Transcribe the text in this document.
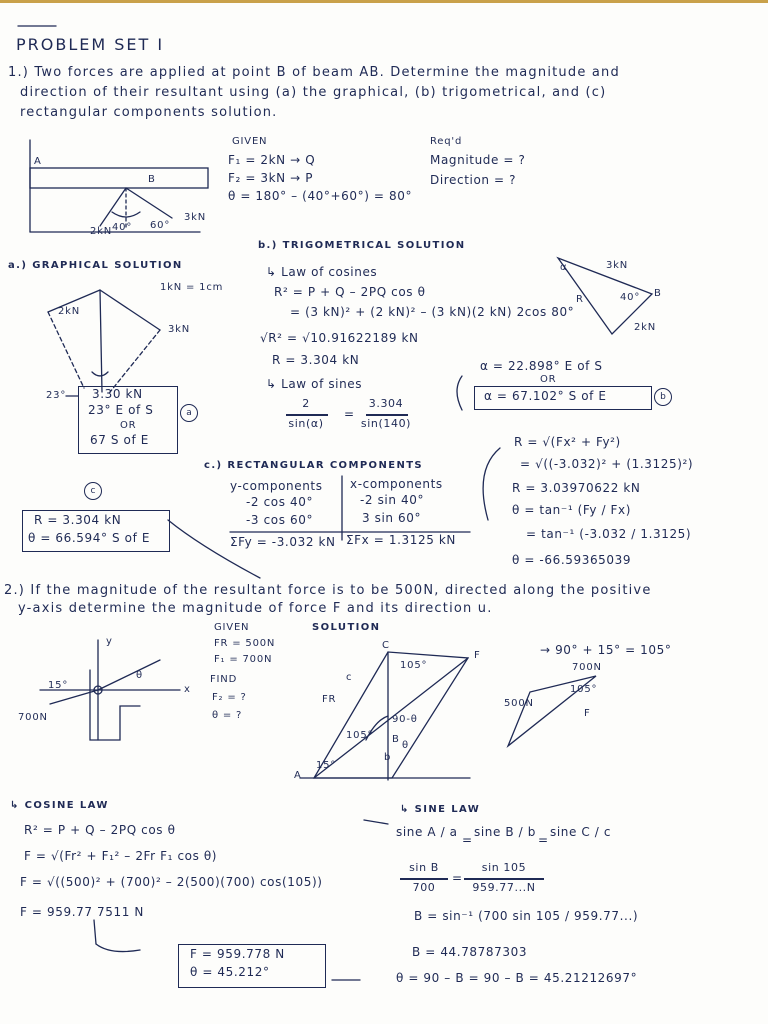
PROBLEM SET I
1.) Two forces are applied at point B of beam AB. Determine the magnitude and
direction of their resultant using (a) the graphical, (b) trigometrical, and (c)
rectangular components solution.
A
B
2kN 40° 60°
3kN
GIVEN
F₁ = 2kN → Q
F₂ = 3kN → P
θ = 180° – (40°+60°) = 80°
Req'd
Magnitude = ?
Direction = ?
a.) GRAPHICAL SOLUTION
1kN = 1cm
2kN
3kN
23° 3.30 kN
23° E of S
OR
67 S of E
a
b.) TRIGOMETRICAL SOLUTION
↳ Law of cosines
R² = P + Q – 2PQ cos θ
= (3 kN)² + (2 kN)² – (3 kN)(2 kN) 2cos 80°
√R² = √10.91622189 kN
R = 3.304 kN
↳ Law of sines
2
sin(α)
=
3.304
sin(140)
α = 22.898° E of S
OR
α = 67.102° S of E	b
α	3kN
R	40° B
2kN
c.) RECTANGULAR COMPONENTS
y-components x-components
-2 cos 40°	-2 sin 40°
-3 cos 60°	3 sin 60°
ΣFy = -3.032 kN ΣFx = 1.3125 kN
c
R = 3.304 kN
θ = 66.594° S of E
R = √(Fx² + Fy²)
= √((-3.032)² + (1.3125)²)
R = 3.03970622 kN
θ = tan⁻¹ (Fy / Fx)
= tan⁻¹ (-3.032 / 1.3125)
θ = -66.59365039
2.) If the magnitude of the resultant force is to be 500N, directed along the positive
y-axis determine the magnitude of force F and its direction u.
y
x
15°
θ
700N
GIVEN
FR = 500N
F₁ = 700N
FIND
F₂ = ?
θ = ?
SOLUTION
C
F
FR
105°
105°
90-θ
B
θ
15°
A
c
b
→ 90° + 15° = 105°
700N
500N
105°
F
↳ COSINE LAW
R² = P + Q – 2PQ cos θ
F = √(Fr² + F₁² – 2Fr F₁ cos θ)
F = √((500)² + (700)² – 2(500)(700) cos(105))
F = 959.77 7511 N
↳ SINE LAW
sine A / a
=
sine B / b
=
sine C / c
sin B
700
=
sin 105
959.77...N
B = sin⁻¹ (700 sin 105 / 959.77...)
B = 44.78787303
θ = 90 – B = 90 – B = 45.21212697°
F = 959.778 N
θ = 45.212°
